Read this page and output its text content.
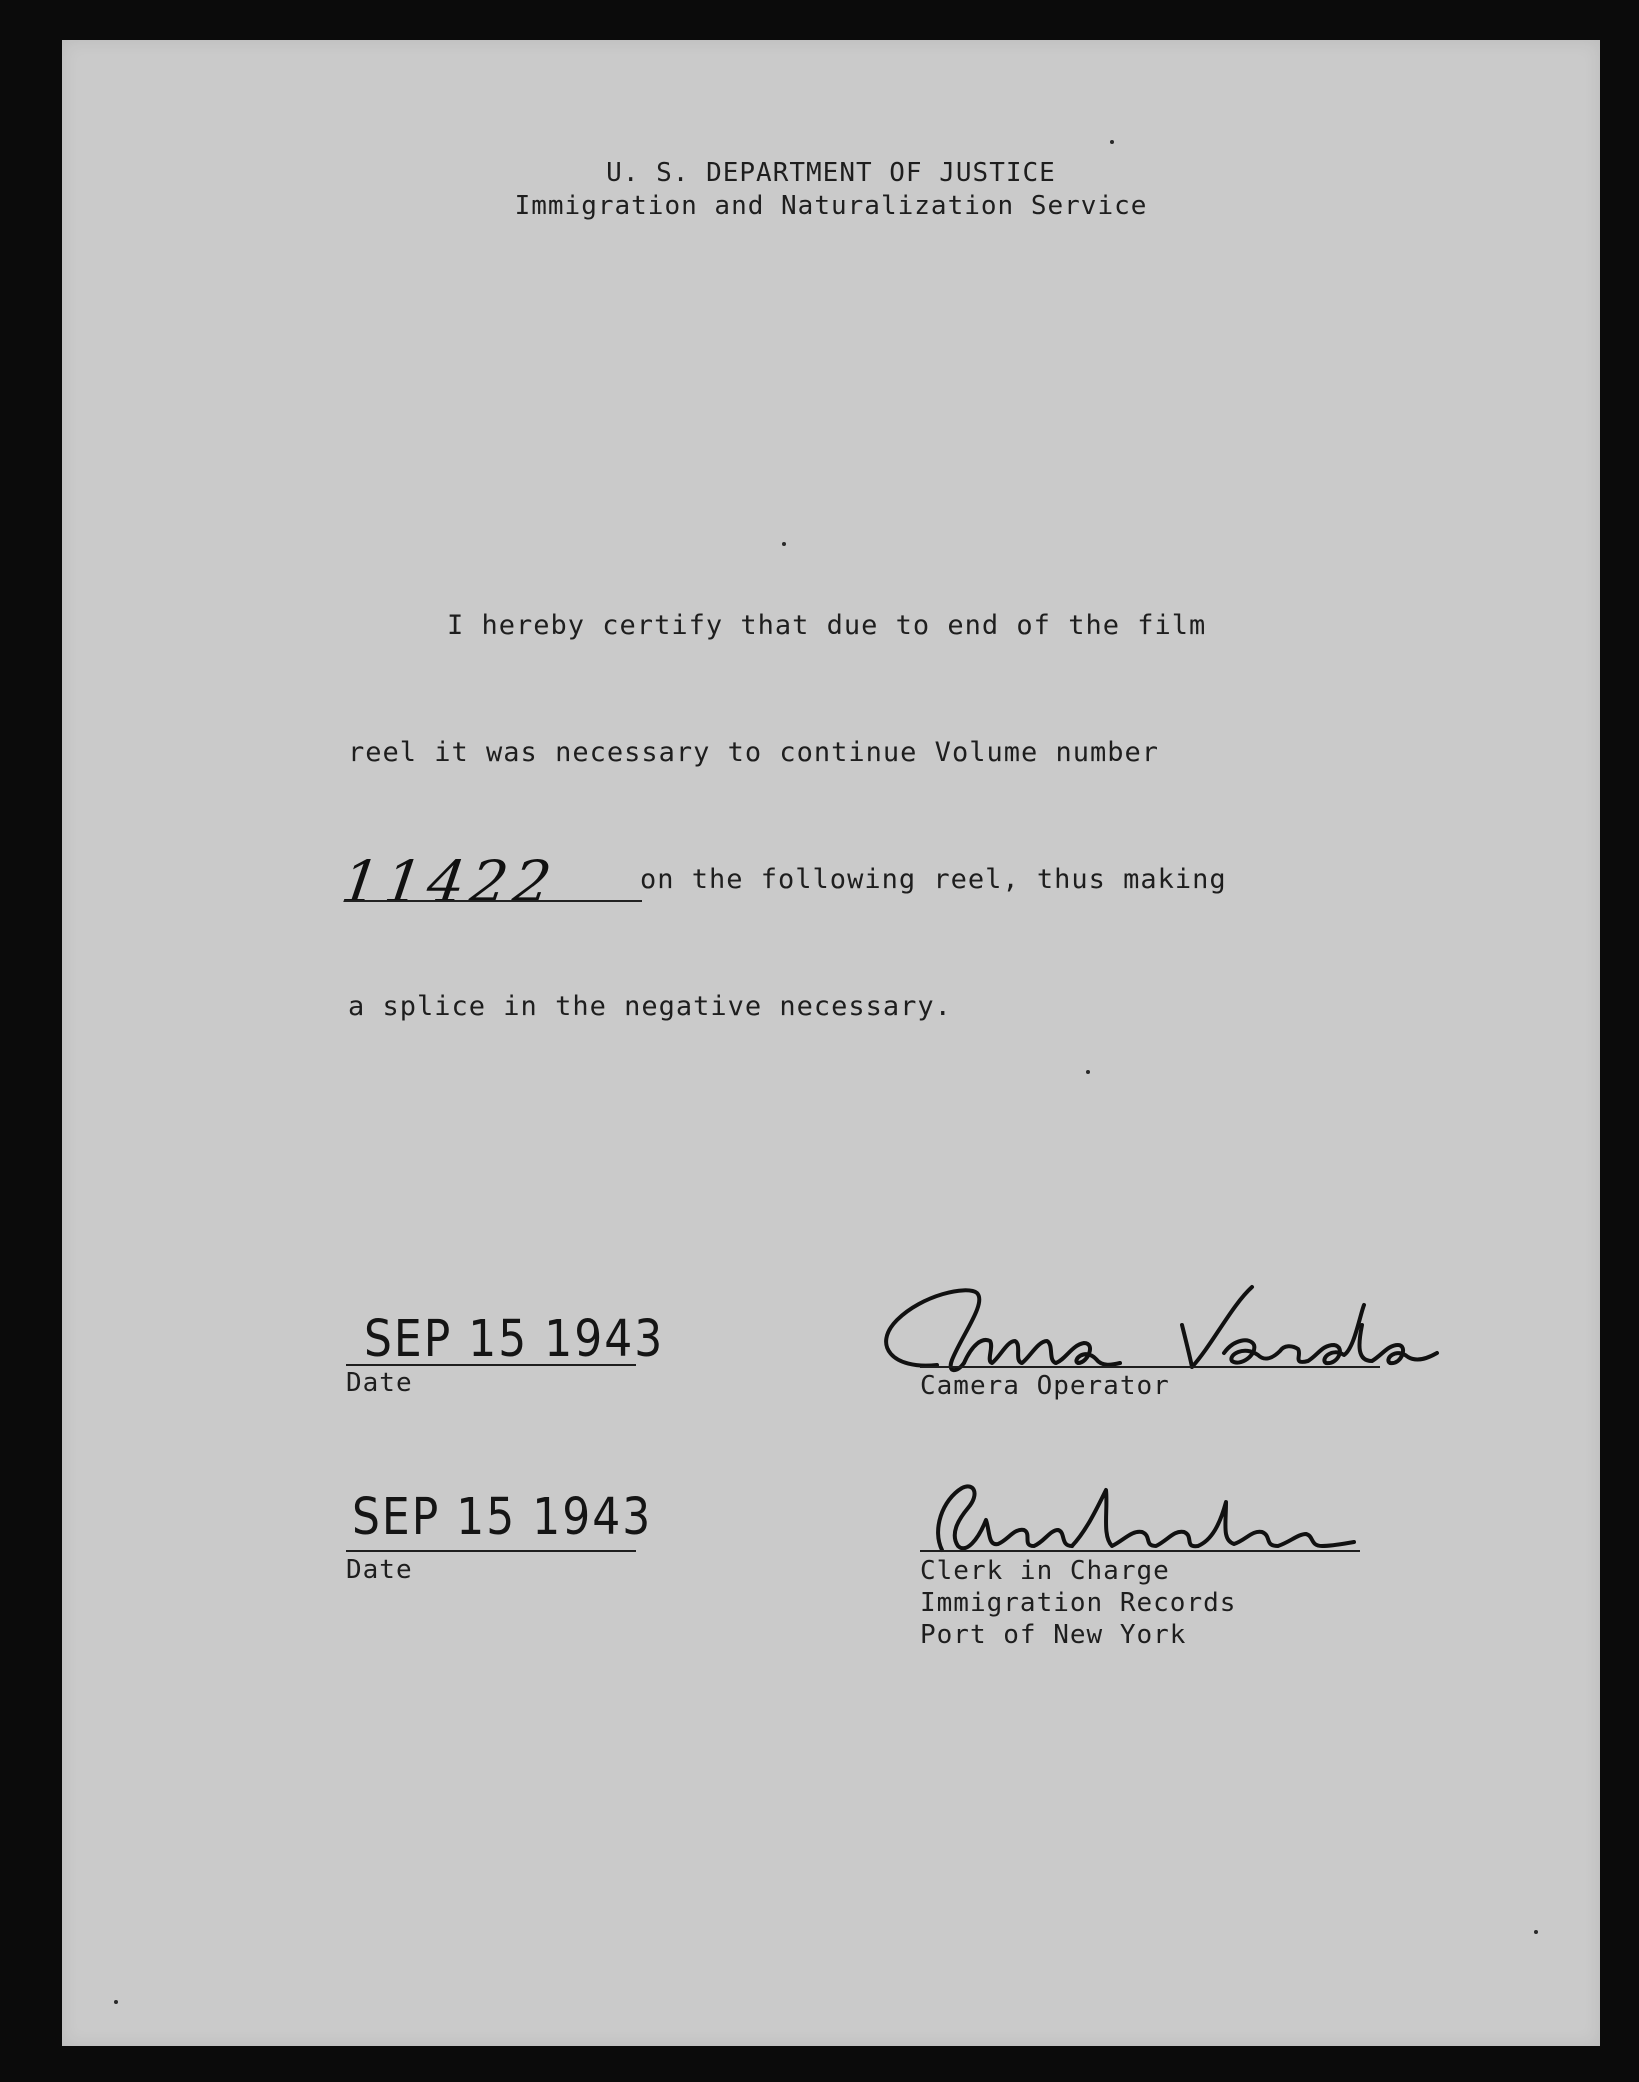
U. S. DEPARTMENT OF JUSTICE
Immigration and Naturalization Service
I hereby certify that due to end of the film
reel it was necessary to continue Volume number
11422	on the following reel, thus making
a splice in the negative necessary.
SEP 15 1943
Date	Camera Operator
SEP 15 1943
Date	Clerk in Charge
Immigration Records
Port of New York
